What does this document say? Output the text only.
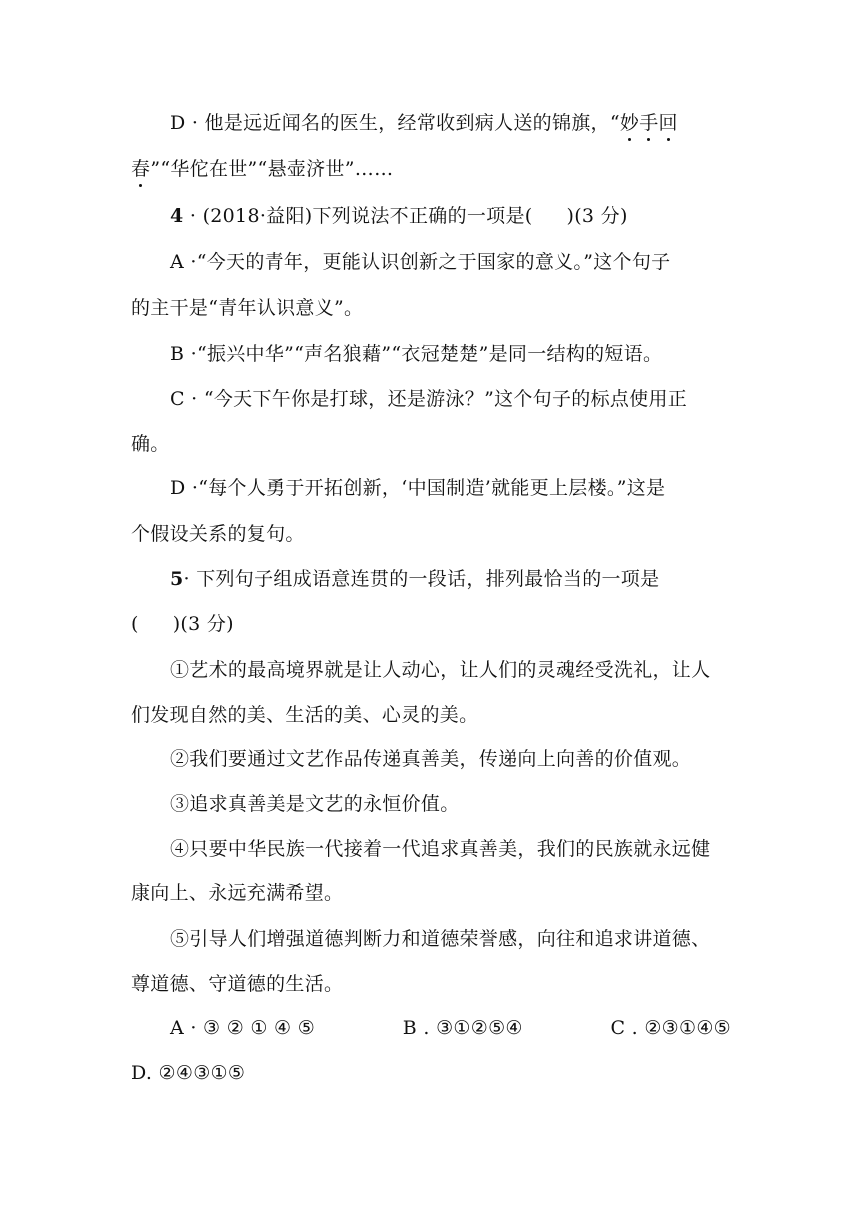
D · 他是远近闻名的医生，经常收到病人送的锦旗，“妙手回
春”“华佗在世”“悬壶济世”……
4 · (2018·益阳)下列说法不正确的一项是( )(3 分)
A ·“今天的青年，更能认识创新之于国家的意义。”这个句子
的主干是“青年认识意义”。
B ·“振兴中华”“声名狼藉”“衣冠楚楚”是同一结构的短语。
C · “今天下午你是打球，还是游泳？”这个句子的标点使用正
确。
D ·“每个人勇于开拓创新，‘中国制造’就能更上层楼。”这是
个假设关系的复句。
5· 下列句子组成语意连贯的一段话，排列最恰当的一项是
( )(3 分)
①艺术的最高境界就是让人动心，让人们的灵魂经受洗礼，让人
们发现自然的美、生活的美、心灵的美。
②我们要通过文艺作品传递真善美，传递向上向善的价值观。
③追求真善美是文艺的永恒价值。
④只要中华民族一代接着一代追求真善美，我们的民族就永远健
康向上、永远充满希望。
⑤引导人们增强道德判断力和道德荣誉感，向往和追求讲道德、
尊道德、守道德的生活。
A · ③ ② ① ④ ⑤	B . ③①②⑤④	C . ②③①④⑤
D. ②④③①⑤
